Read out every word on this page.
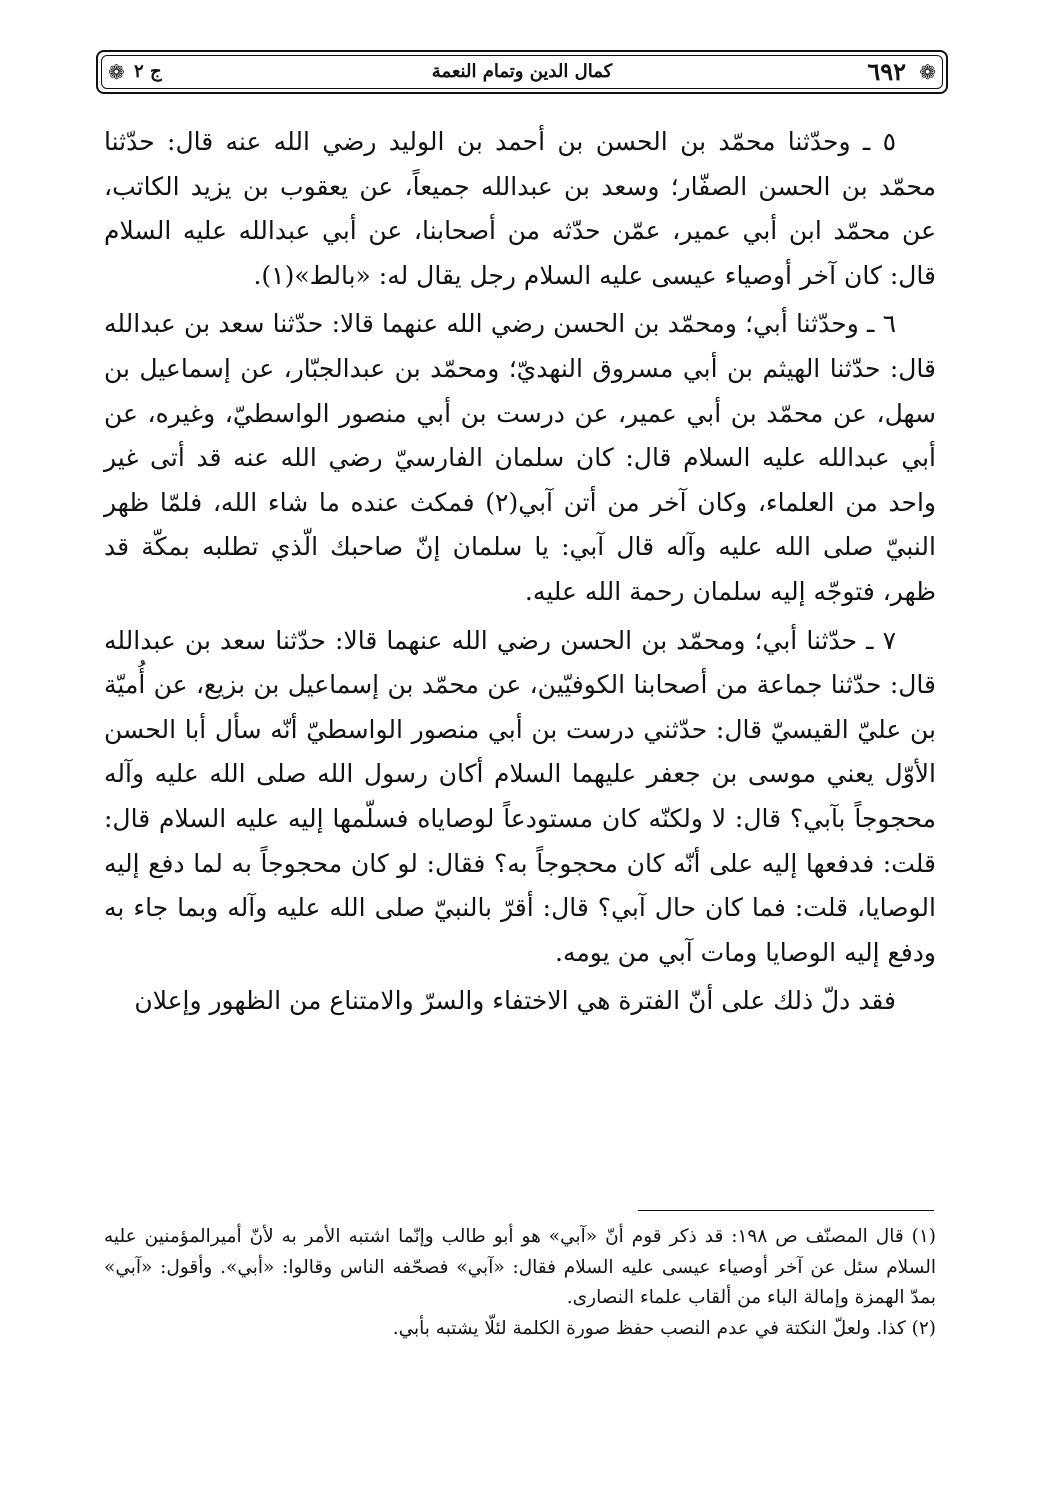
❁
٦٩٢
كمال الدين وتمام النعمة
ج ٢
❁

٥ ـ وحدّثنا محمّد بن الحسن بن أحمد بن الوليد رضي الله عنه قال: حدّثنا محمّد بن الحسن الصفّار؛ وسعد بن عبدالله جميعاً، عن يعقوب بن يزيد الكاتب، عن محمّد ابن أبي عمير، عمّن حدّثه من أصحابنا، عن أبي عبدالله عليه السلام قال: كان آخر أوصياء عيسى عليه السلام رجل يقال له: «بالط»(١).

٦ ـ وحدّثنا أبي؛ ومحمّد بن الحسن رضي الله عنهما قالا: حدّثنا سعد بن عبدالله قال: حدّثنا الهيثم بن أبي مسروق النهديّ؛ ومحمّد بن عبدالجبّار، عن إسماعيل بن سهل، عن محمّد بن أبي عمير، عن درست بن أبي منصور الواسطيّ، وغيره، عن أبي عبدالله عليه السلام قال: كان سلمان الفارسيّ رضي الله عنه قد أتى غير واحد من العلماء، وكان آخر من أتن آبي(٢) فمكث عنده ما شاء الله، فلمّا ظهر النبيّ صلى الله عليه وآله قال آبي: يا سلمان إنّ صاحبك الّذي تطلبه بمكّة قد ظهر، فتوجّه إليه سلمان رحمة الله عليه.

٧ ـ حدّثنا أبي؛ ومحمّد بن الحسن رضي الله عنهما قالا: حدّثنا سعد بن عبدالله قال: حدّثنا جماعة من أصحابنا الكوفيّين، عن محمّد بن إسماعيل بن بزيع، عن أُميّة بن عليّ القيسيّ قال: حدّثني درست بن أبي منصور الواسطيّ أنّه سأل أبا الحسن الأوّل يعني موسى بن جعفر عليهما السلام أكان رسول الله صلى الله عليه وآله محجوجاً بآبي؟ قال: لا ولكنّه كان مستودعاً لوصاياه فسلّمها إليه عليه السلام قال: قلت: فدفعها إليه على أنّه كان محجوجاً به؟ فقال: لو كان محجوجاً به لما دفع إليه الوصايا، قلت: فما كان حال آبي؟ قال: أقرّ بالنبيّ صلى الله عليه وآله وبما جاء به ودفع إليه الوصايا ومات آبي من يومه.

فقد دلّ ذلك على أنّ الفترة هي الاختفاء والسرّ والامتناع من الظهور وإعلان

(١) قال المصنّف ص ١٩٨: قد ذكر قوم أنّ «آبي» هو أبو طالب وإنّما اشتبه الأمر به لأنّ أميرالمؤمنين عليه السلام سئل عن آخر أوصياء عيسى عليه السلام فقال: «آبي» فصحّفه الناس وقالوا: «أبي». وأقول: «آبي» بمدّ الهمزة وإمالة الباء من ألقاب علماء النصارى.

(٢) كذا. ولعلّ النكتة في عدم النصب حفظ صورة الكلمة لئلّا يشتبه بأبي.
